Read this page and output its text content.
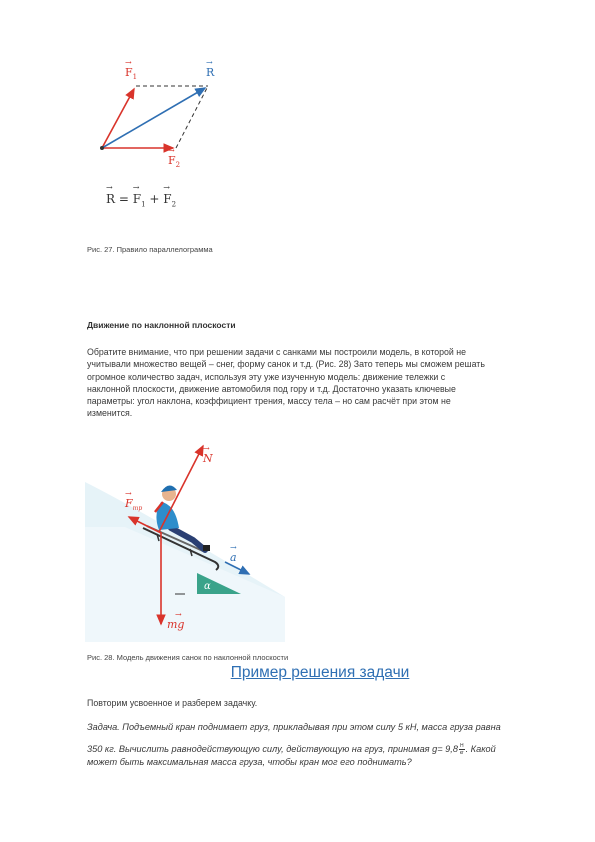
→
$F_1$
→
R
→
$F_2$
→
R =
→
$F_1$ +
→
$F_2$
Рис. 27. Правило параллелограмма
Движение по наклонной плоскости
Обратите внимание, что при решении задачи с санками мы построили модель, в которой не
учитывали множество вещей – снег, форму санок и т.д. (Рис. 28) Зато теперь мы сможем решать
огромное количество задач, используя эту уже изученную модель: движение тележки с
наклонной плоскости, движение автомобиля под гору и т.д. Достаточно указать ключевые
параметры: угол наклона, коэффициент трения, массу тела – но сам расчёт при этом не
изменится.
→
N
→
$F_{тр}$
→
a
α
→
mg
Рис. 28. Модель движения санок по наклонной плоскости
Пример решения задачи
Повторим усвоенное и разберем задачку.
Задача. Подъемный кран поднимает груз, прикладывая при этом силу 5 кН, масса груза равна
350 кг. Вычислить равнодействующую силу, действующую на груз, принимая $g= 9,8 \frac{Н}{кг}$ . Какой
может быть максимальная масса груза, чтобы кран мог его поднимать?
